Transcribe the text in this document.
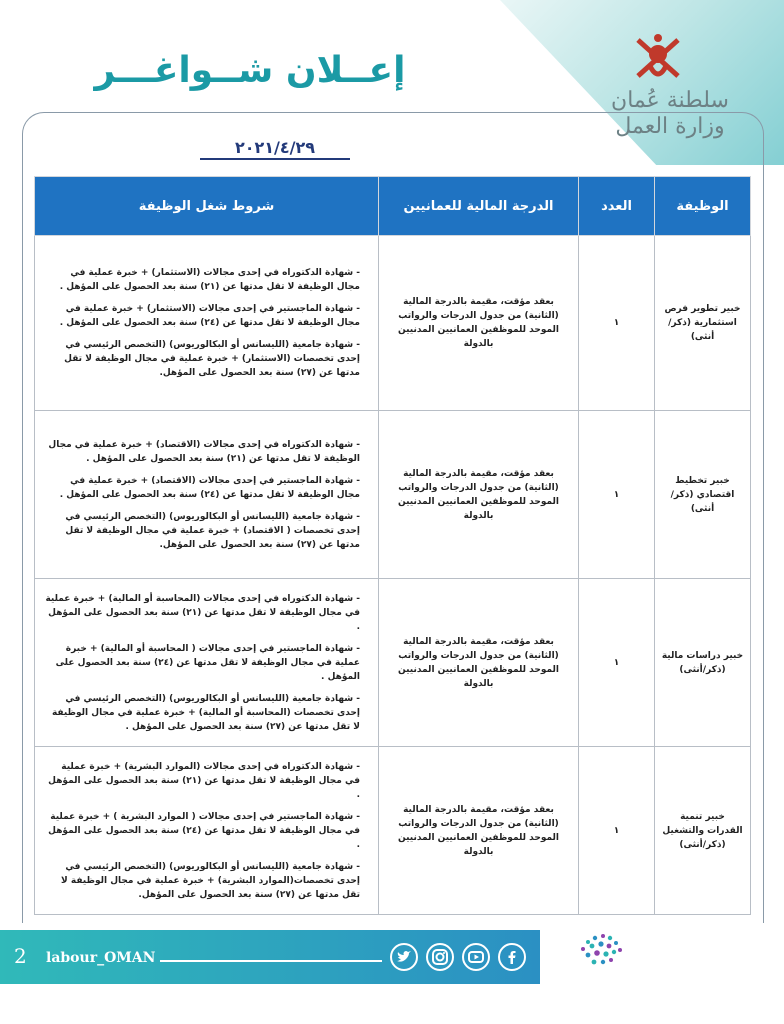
إعــلان شــواغـــر
سلطنة عُمان
وزارة العمل
٢٠٢١/٤/٢٩
الوظيفة	العدد	الدرجة المالية للعمانيين	شروط شغل الوظيفة
خبير تطوير فرص استثمارية (ذكر/أنثى)	١	بعقد مؤقت، مقيمة بالدرجة المالية (الثانية) من جدول الدرجات والرواتب الموحد للموظفين العمانيين المدنيين بالدولة	- شهادة الدكتوراه في إحدى مجالات (الاستثمار) + خبرة عملية في مجال الوظيفة لا تقل مدتها عن (٢١) سنة بعد الحصول على المؤهل .

- شهادة الماجستير في إحدى مجالات (الاستثمار) + خبرة عملية في مجال الوظيفة لا تقل مدتها عن (٢٤) سنة بعد الحصول على المؤهل .

- شهادة جامعية (الليسانس أو البكالوريوس) (التخصص الرئيسي في إحدى تخصصات (الاستثمار) + خبرة عملية في مجال الوظيفة لا تقل مدتها عن (٢٧) سنة بعد الحصول على المؤهل.

خبير تخطيط اقتصادي (ذكر/أنثى)	١	بعقد مؤقت، مقيمة بالدرجة المالية (الثانية) من جدول الدرجات والرواتب الموحد للموظفين العمانيين المدنيين بالدولة	- شهادة الدكتوراه في إحدى مجالات (الاقتصاد) + خبرة عملية في مجال الوظيفة لا تقل مدتها عن (٢١) سنة بعد الحصول على المؤهل .

- شهادة الماجستير في إحدى مجالات (الاقتصاد) + خبرة عملية في مجال الوظيفة لا تقل مدتها عن (٢٤) سنة بعد الحصول على المؤهل .

- شهادة جامعية (الليسانس أو البكالوريوس) (التخصص الرئيسي في إحدى تخصصات ( الاقتصاد) + خبرة عملية في مجال الوظيفة لا تقل مدتها عن (٢٧) سنة بعد الحصول على المؤهل.

خبير دراسات مالية (ذكر/أنثى)	١	بعقد مؤقت، مقيمة بالدرجة المالية (الثانية) من جدول الدرجات والرواتب الموحد للموظفين العمانيين المدنيين بالدولة	- شهادة الدكتوراه في إحدى مجالات (المحاسبة أو المالية) + خبرة عملية في مجال الوظيفة لا تقل مدتها عن (٢١) سنة بعد الحصول على المؤهل .

- شهادة الماجستير في إحدى مجالات ( المحاسبة أو المالية) + خبرة عملية في مجال الوظيفة لا تقل مدتها عن (٢٤) سنة بعد الحصول على المؤهل .

- شهادة جامعية (الليسانس أو البكالوريوس) (التخصص الرئيسي في إحدى تخصصات (المحاسبة أو المالية) + خبرة عملية في مجال الوظيفة لا تقل مدتها عن (٢٧) سنة بعد الحصول على المؤهل .

خبير تنمية القدرات والتشغيل (ذكر/أنثى)	١	بعقد مؤقت، مقيمة بالدرجة المالية (الثانية) من جدول الدرجات والرواتب الموحد للموظفين العمانيين المدنيين بالدولة	- شهادة الدكتوراه في إحدى مجالات (الموارد البشرية) + خبرة عملية في مجال الوظيفة لا تقل مدتها عن (٢١) سنة بعد الحصول على المؤهل .

- شهادة الماجستير في إحدى مجالات ( الموارد البشرية ) + خبرة عملية في مجال الوظيفة لا تقل مدتها عن (٢٤) سنة بعد الحصول على المؤهل .

- شهادة جامعية (الليسانس أو البكالوريوس) (التخصص الرئيسي في إحدى تخصصات(الموارد البشرية) + خبرة عملية في مجال الوظيفة لا تقل مدتها عن (٢٧) سنة بعد الحصول على المؤهل.

2 labour_OMAN
